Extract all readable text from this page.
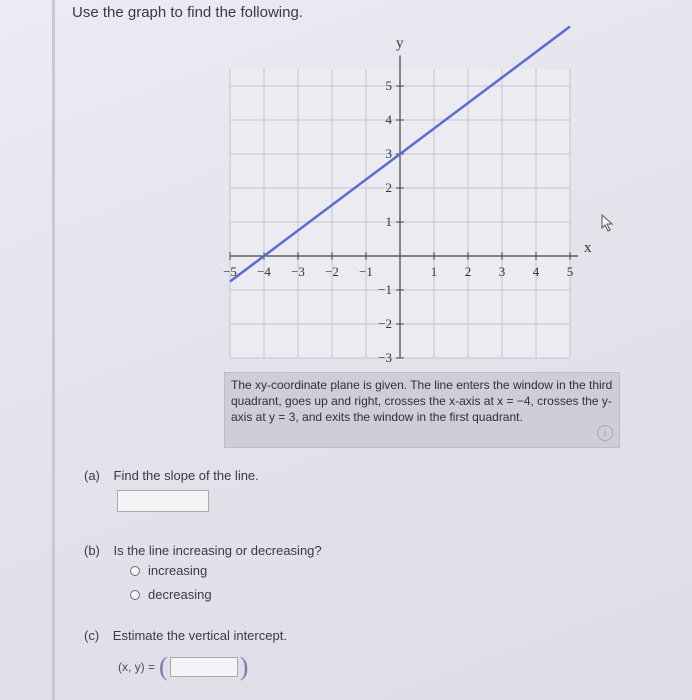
Use the graph to find the following.
x
y
−5 −4 −3 −2 −1	1 2 3 4 5
−3
−2
−1
1
2
3
4
5
The xy-coordinate plane is given. The line enters the window in the third quadrant, goes up and right, crosses the x-axis at x = −4, crosses the y-axis at y = 3, and exits the window in the first quadrant.
i
(a) Find the slope of the line.
(b) Is the line increasing or decreasing?
increasing
decreasing
(c) Estimate the vertical intercept.
(x, y) = (	)
